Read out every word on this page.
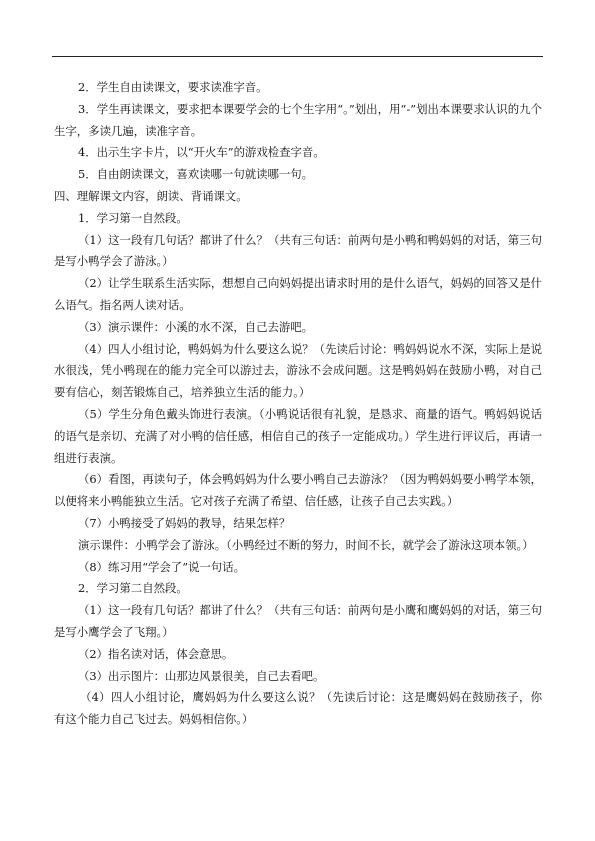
2．学生自由读课文，要求读准字音。

3．学生再读课文，要求把本课要学会的七个生字用“。”划出，用“-”划出本课要求认识的九个生字，多读几遍，读准字音。

4．出示生字卡片，以“开火车”的游戏检查字音。

5．自由朗读课文，喜欢读哪一句就读哪一句。

四、理解课文内容，朗读、背诵课文。

1．学习第一自然段。

（1）这一段有几句话？都讲了什么？（共有三句话：前两句是小鸭和鸭妈妈的对话，第三句是写小鸭学会了游泳。）

（2）让学生联系生活实际，想想自己向妈妈提出请求时用的是什么语气，妈妈的回答又是什么语气。指名两人读对话。

（3）演示课件：小溪的水不深，自己去游吧。

（4）四人小组讨论，鸭妈妈为什么要这么说？（先读后讨论：鸭妈妈说水不深，实际上是说水很浅，凭小鸭现在的能力完全可以游过去，游泳不会成问题。这是鸭妈妈在鼓励小鸭，对自己要有信心，刻苦锻炼自己，培养独立生活的能力。）

（5）学生分角色戴头饰进行表演。（小鸭说话很有礼貌，是恳求、商量的语气。鸭妈妈说话的语气是亲切、充满了对小鸭的信任感，相信自己的孩子一定能成功。）学生进行评议后，再请一组进行表演。

（6）看图，再读句子，体会鸭妈妈为什么要小鸭自己去游泳？（因为鸭妈妈要小鸭学本领，以便将来小鸭能独立生活。它对孩子充满了希望、信任感，让孩子自己去实践。）

（7）小鸭接受了妈妈的教导，结果怎样？

演示课件：小鸭学会了游泳。（小鸭经过不断的努力，时间不长，就学会了游泳这项本领。）

（8）练习用“学会了”说一句话。

2．学习第二自然段。

（1）这一段有几句话？都讲了什么？（共有三句话：前两句是小鹰和鹰妈妈的对话，第三句是写小鹰学会了飞翔。）

（2）指名读对话，体会意思。

（3）出示图片：山那边风景很美，自己去看吧。

（4）四人小组讨论，鹰妈妈为什么要这么说？（先读后讨论：这是鹰妈妈在鼓励孩子，你有这个能力自己飞过去。妈妈相信你。）
